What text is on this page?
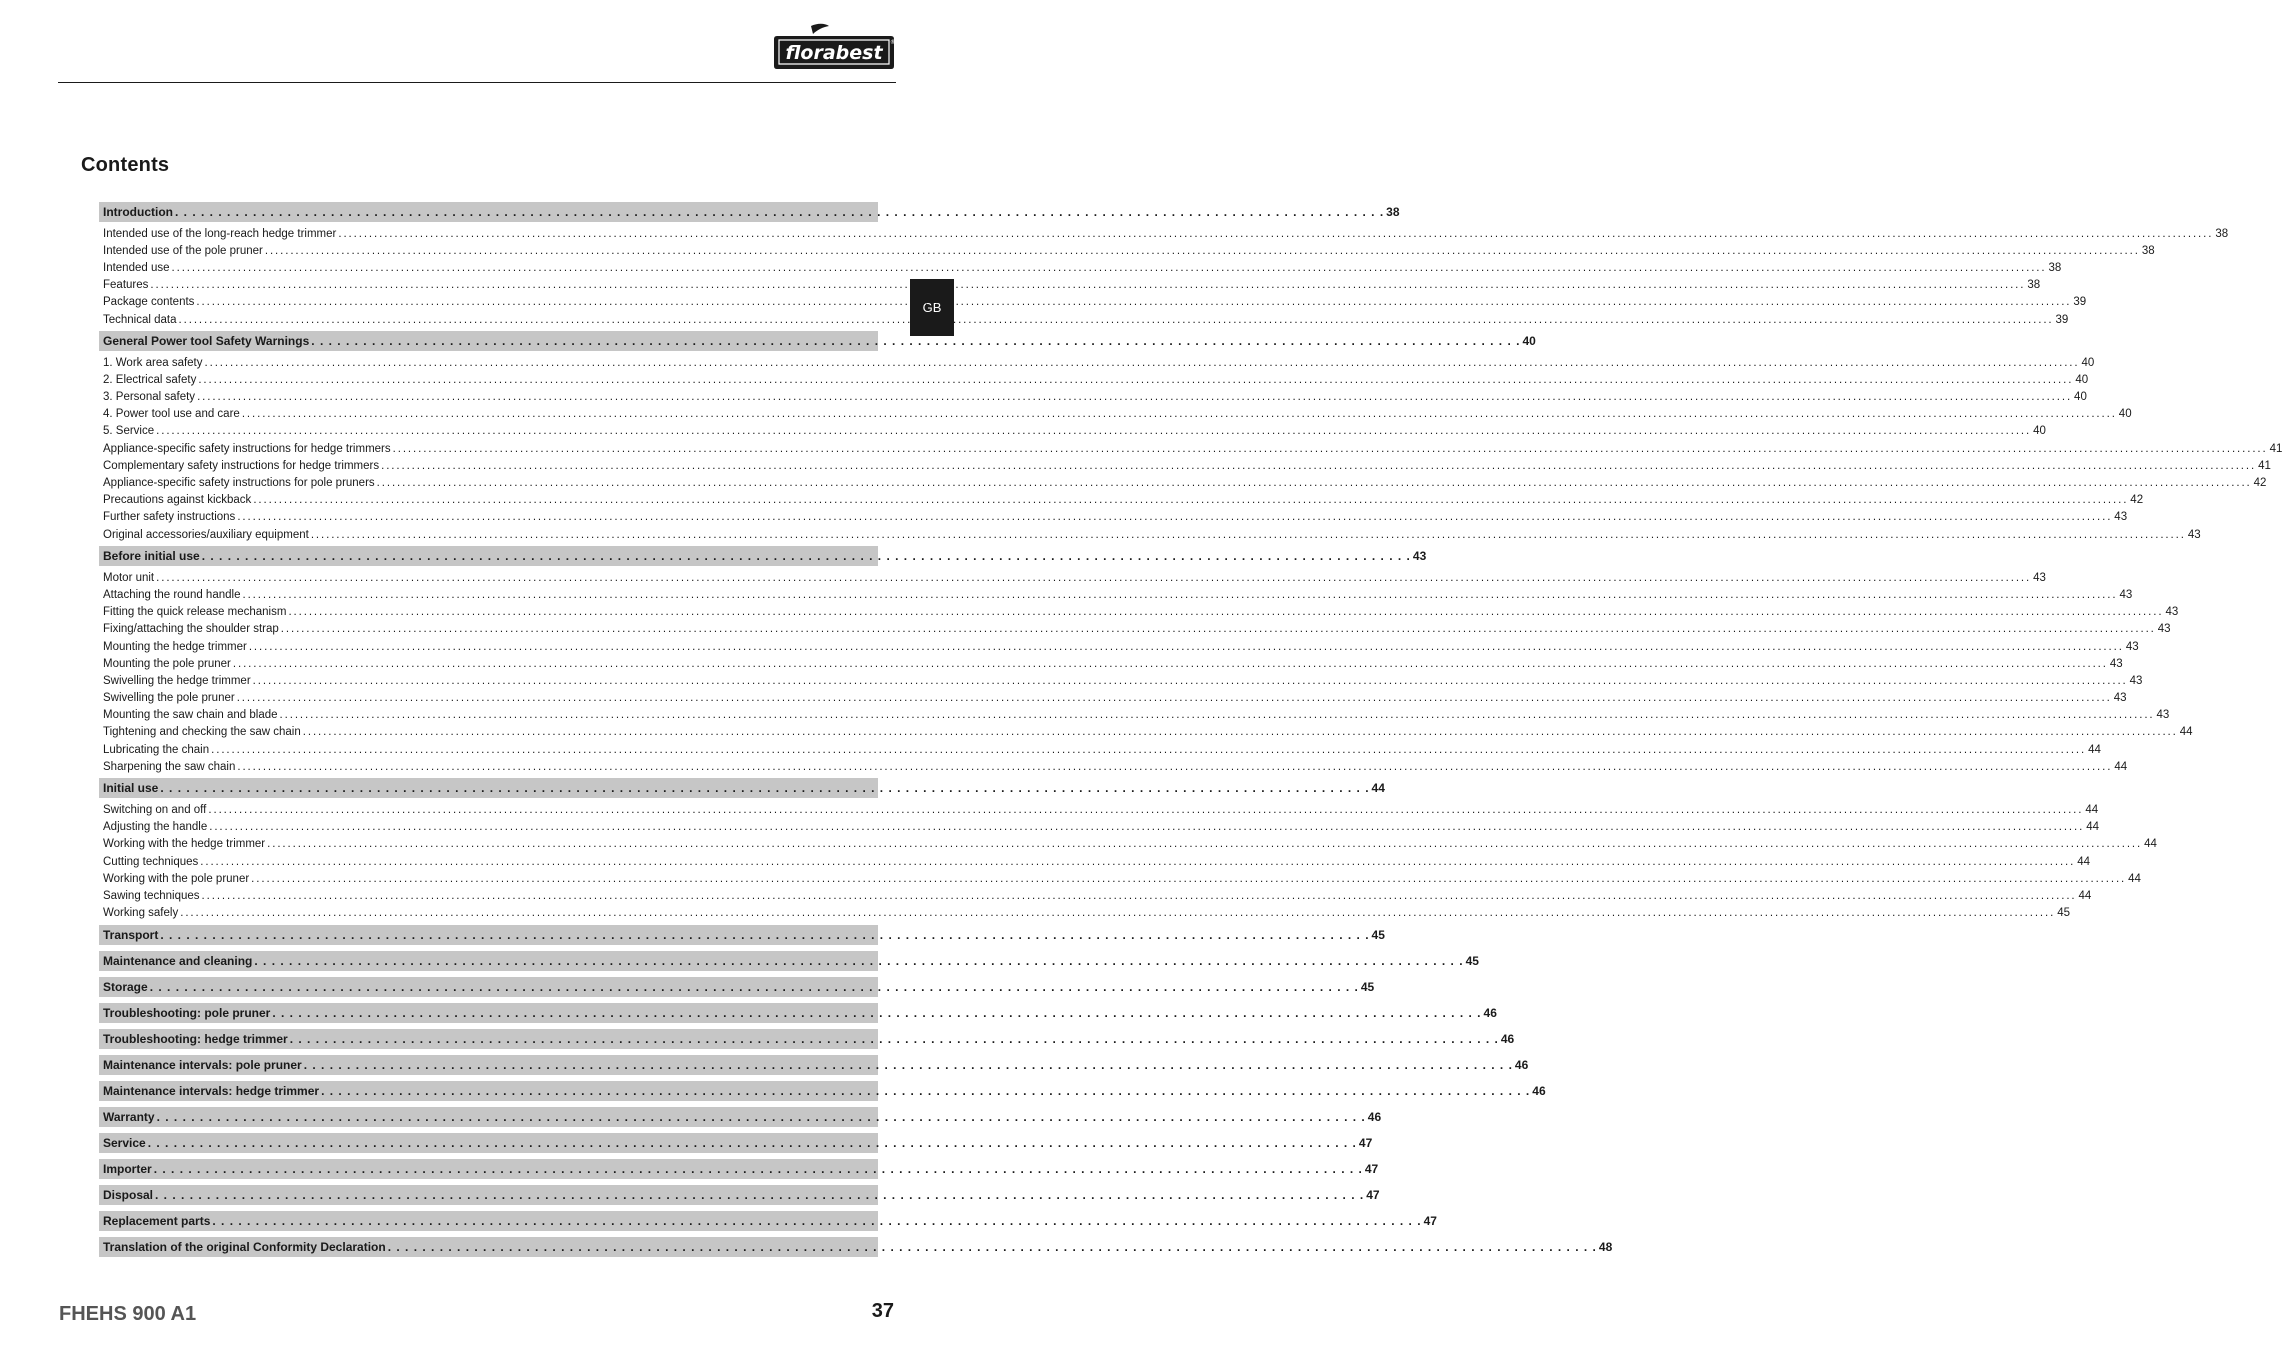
florabest ®
Contents
GB
Introduction . . .	38
Intended use of the long-reach hedge trimmer .....	38
Intended use of the pole pruner .....	38
Intended use .....	38
Features .....	38
Package contents .....	39
Technical data .....	39
General Power tool Safety Warnings . . .	40
1. Work area safety .....	40
2. Electrical safety .....	40
3. Personal safety .....	40
4. Power tool use and care .....	40
5. Service .....	40
Appliance-specific safety instructions for hedge trimmers .....	41
Complementary safety instructions for hedge trimmers .....	41
Appliance-specific safety instructions for pole pruners .....	42
Precautions against kickback .....	42
Further safety instructions .....	43
Original accessories/auxiliary equipment .....	43
Before initial use . . .	43
Motor unit .....	43
Attaching the round handle .....	43
Fitting the quick release mechanism .....	43
Fixing/attaching the shoulder strap .....	43
Mounting the hedge trimmer .....	43
Mounting the pole pruner .....	43
Swivelling the hedge trimmer .....	43
Swivelling the pole pruner .....	43
Mounting the saw chain and blade .....	43
Tightening and checking the saw chain .....	44
Lubricating the chain .....	44
Sharpening the saw chain .....	44
Initial use . . .	44
Switching on and off .....	44
Adjusting the handle .....	44
Working with the hedge trimmer .....	44
Cutting techniques .....	44
Working with the pole pruner .....	44
Sawing techniques .....	44
Working safely .....	45
Transport . . .	45
Maintenance and cleaning . . .	45
Storage . . .	45
Troubleshooting: pole pruner . . .	46
Troubleshooting: hedge trimmer . . .	46
Maintenance intervals: pole pruner . . .	46
Maintenance intervals: hedge trimmer . . .	46
Warranty . . .	46
Service . . .	47
Importer . . .	47
Disposal . . .	47
Replacement parts . . .	47
Translation of the original Conformity Declaration . . .	48

FHEHS 900 A1	37
